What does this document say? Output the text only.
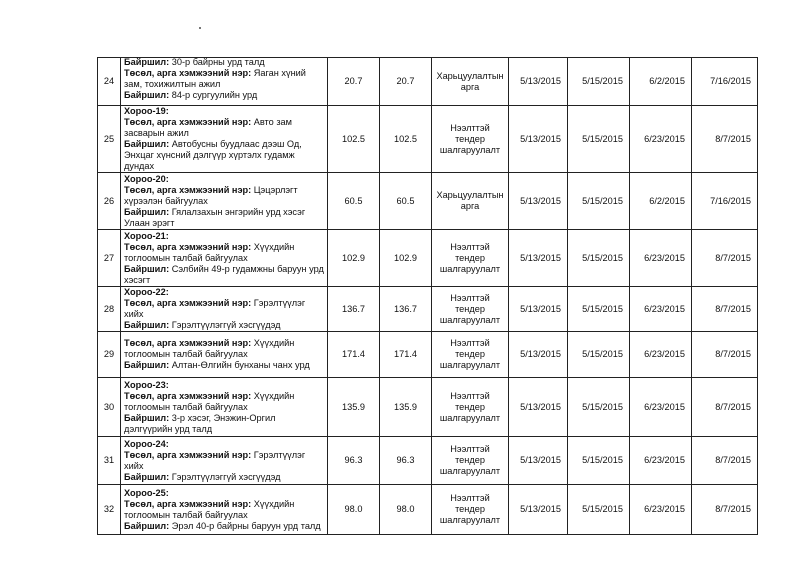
24	Байршил: 30-р байрны урд талд
Төсөл, арга хэмжээний нэр: Яаган хүний зам, тохижилтын ажил
Байршил: 84-р сургуулийн урд	20.7	20.7	Харьцуулалтын арга	5/13/2015	5/15/2015	6/2/2015	7/16/2015
25	Хороо-19:
Төсөл, арга хэмжээний нэр: Авто зам засварын ажил
Байршил: Автобусны буудлаас дээш Од, Энхцаг хүнсний дэлгүүр хүртэлх гудамж дундах	102.5	102.5	Нээлттэй тендер шалгаруулалт	5/13/2015	5/15/2015	6/23/2015	8/7/2015
26	Хороо-20:
Төсөл, арга хэмжээний нэр: Цэцэрлэгт хүрээлэн байгуулах
Байршил: Гялалзахын энгэрийн урд хэсэг Улаан эрэгт	60.5	60.5	Харьцуулалтын арга	5/13/2015	5/15/2015	6/2/2015	7/16/2015
27	Хороо-21:
Төсөл, арга хэмжээний нэр: Хүүхдийн тоглоомын талбай байгуулах
Байршил: Сэлбийн 49-р гудамжны баруун урд хэсэгт	102.9	102.9	Нээлттэй тендер шалгаруулалт	5/13/2015	5/15/2015	6/23/2015	8/7/2015
28	Хороо-22:
Төсөл, арга хэмжээний нэр: Гэрэлтүүлэг хийх
Байршил: Гэрэлтүүлэггүй хэсгүүдэд	136.7	136.7	Нээлттэй тендер шалгаруулалт	5/13/2015	5/15/2015	6/23/2015	8/7/2015
29	Төсөл, арга хэмжээний нэр: Хүүхдийн тоглоомын талбай байгуулах
Байршил: Алтан-Өлгийн бунханы чанх урд	171.4	171.4	Нээлттэй тендер шалгаруулалт	5/13/2015	5/15/2015	6/23/2015	8/7/2015
30	Хороо-23:
Төсөл, арга хэмжээний нэр: Хүүхдийн тоглоомын талбай байгуулах
Байршил: 3-р хэсэг, Энэжин-Оргил дэлгүүрийн урд талд	135.9	135.9	Нээлттэй тендер шалгаруулалт	5/13/2015	5/15/2015	6/23/2015	8/7/2015
31	Хороо-24:
Төсөл, арга хэмжээний нэр: Гэрэлтүүлэг хийх
Байршил: Гэрэлтүүлэггүй хэсгүүдэд	96.3	96.3	Нээлттэй тендер шалгаруулалт	5/13/2015	5/15/2015	6/23/2015	8/7/2015
32	Хороо-25:
Төсөл, арга хэмжээний нэр: Хүүхдийн тоглоомын талбай байгуулах
Байршил: Эрэл 40-р байрны баруун урд талд	98.0	98.0	Нээлттэй тендер шалгаруулалт	5/13/2015	5/15/2015	6/23/2015	8/7/2015
